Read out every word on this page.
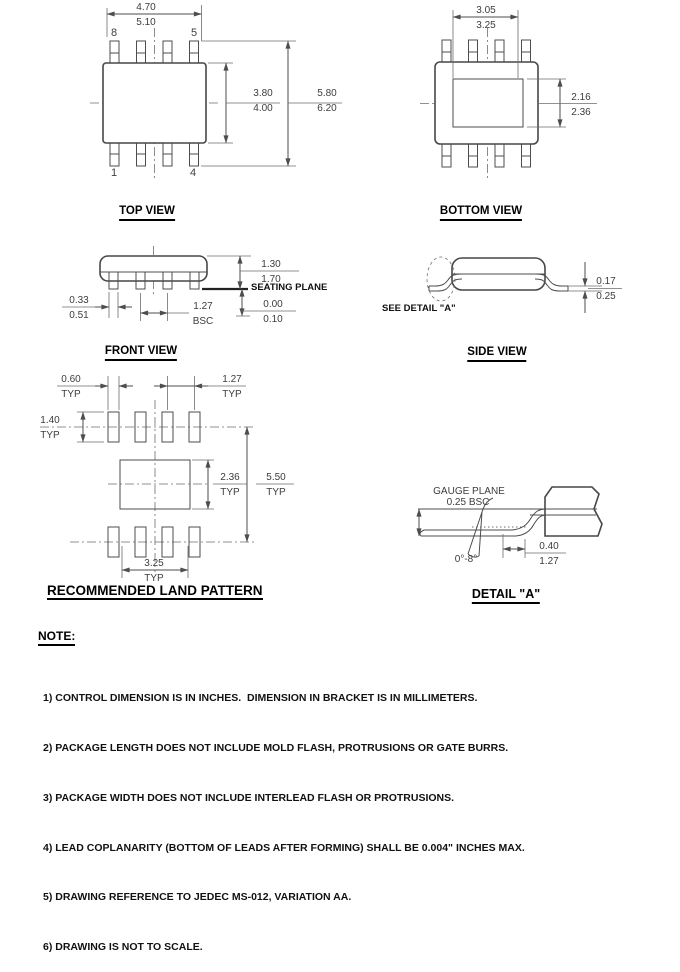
8	5
1	4
4.70
5.10
3.80
4.00
5.80
6.20
TOP VIEW
3.05
3.25
2.16
2.36
BOTTOM VIEW
1.30
1.70
SEATING PLANE
0.00
0.10
0.33
0.51
1.27
BSC
FRONT VIEW
SEE DETAIL "A"
0.17
0.25
SIDE VIEW
0.60
TYP
1.27
TYP
1.40
TYP
2.36
TYP
5.50
TYP
3.25
TYP
RECOMMENDED LAND PATTERN
GAUGE PLANE
0.25 BSC
0°-8°
0.40
1.27
DETAIL "A"
NOTE:

1) CONTROL DIMENSION IS IN INCHES.  DIMENSION IN BRACKET IS IN MILLIMETERS.

2) PACKAGE LENGTH DOES NOT INCLUDE MOLD FLASH, PROTRUSIONS OR GATE BURRS.

3) PACKAGE WIDTH DOES NOT INCLUDE INTERLEAD FLASH OR PROTRUSIONS.

4) LEAD COPLANARITY (BOTTOM OF LEADS AFTER FORMING) SHALL BE 0.004" INCHES MAX.

5) DRAWING REFERENCE TO JEDEC MS-012, VARIATION AA.

6) DRAWING IS NOT TO SCALE.
